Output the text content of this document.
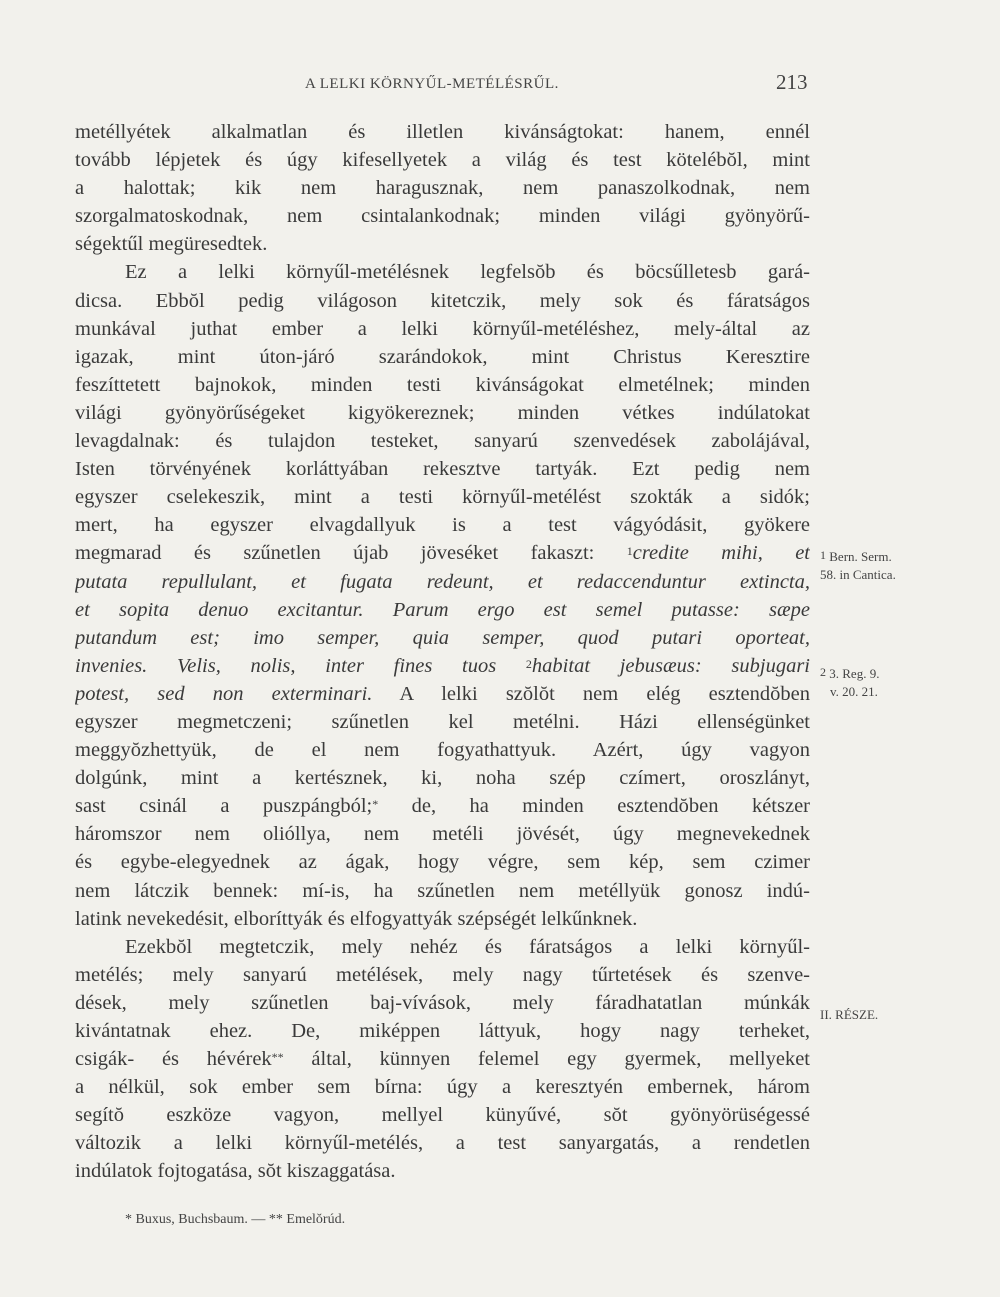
A LELKI KÖRNYŰL-METÉLÉSRŰL.	213
metéllyétek alkalmatlan és illetlen kivánságtokat: hanem, ennél
tovább lépjetek és úgy kifesellyetek a világ és test kötelébŏl, mint
a halottak; kik nem haragusznak, nem panaszolkodnak, nem
szorgalmatoskodnak, nem csintalankodnak; minden világi gyönyörű-
ségektűl megüresedtek.
Ez a lelki környűl-metélésnek legfelsŏb és böcsűlletesb gará-
dicsa. Ebbŏl pedig világoson kitetczik, mely sok és fáratságos
munkával juthat ember a lelki környűl-metéléshez, mely-által az
igazak, mint úton-járó szarándokok, mint Christus Keresztire
feszíttetett bajnokok, minden testi kivánságokat elmetélnek; minden
világi gyönyörűségeket kigyökereznek; minden vétkes indúlatokat
levagdalnak: és tulajdon testeket, sanyarú szenvedések zabolájával,
Isten törvényének korláttyában rekesztve tartyák. Ezt pedig nem
egyszer cselekeszik, mint a testi környűl-metélést szokták a sidók;
mert, ha egyszer elvagdallyuk is a test vágyódásit, gyökere
megmarad és szűnetlen újab jöveséket fakaszt:	$^1$credite mihi, et
putata repullulant, et fugata redeunt, et redaccenduntur extincta,
et sopita denuo excitantur. Parum ergo est semel putasse: sæpe
putandum est; imo semper, quia semper, quod putari oporteat,
invenies. Velis, nolis, inter fines tuos $^2$habitat jebusæus: subjugari
potest, sed non exterminari. A lelki szŏlŏt nem elég esztendŏben
egyszer megmetczeni; szűnetlen kel metélni. Házi ellenségünket
meggyŏzhettyük, de el nem fogyathattyuk. Azért, úgy vagyon
dolgúnk, mint a kertésznek, ki, noha szép czímert, oroszlányt,
sast csinál a puszpángból;* de, ha minden esztendŏben kétszer
háromszor nem olióllya, nem metéli jövését, úgy megnevekednek
és egybe-elegyednek az ágak, hogy végre, sem kép, sem czimer
nem látczik bennek: mí-is, ha szűnetlen nem metéllyük gonosz indú-
latink nevekedésit, elboríttyák és elfogyattyák szépségét lelkűnknek.
Ezekbŏl megtetczik, mely nehéz és fáratságos a lelki környűl-
metélés; mely sanyarú metélések, mely nagy tűrtetések és szenve-
dések, mely szűnetlen baj-vívások, mely fáradhatatlan múnkák
kivántatnak ehez. De, miképpen láttyuk, hogy nagy terheket,
csigák- és hévérek** által, künnyen felemel egy gyermek, mellyeket
a nélkül, sok ember sem bírna: úgy a keresztyén embernek, három
segítŏ eszköze vagyon, mellyel künyűvé, sŏt gyönyörüségessé
változik a lelki környűl-metélés, a test sanyargatás, a rendetlen
indúlatok fojtogatása, sŏt kiszaggatása.
1 Bern. Serm.
58. in Cantica.
2 3. Reg. 9.
v. 20. 21.
II. RÉSZE.
* Buxus, Buchsbaum. — ** Emelŏrúd.
